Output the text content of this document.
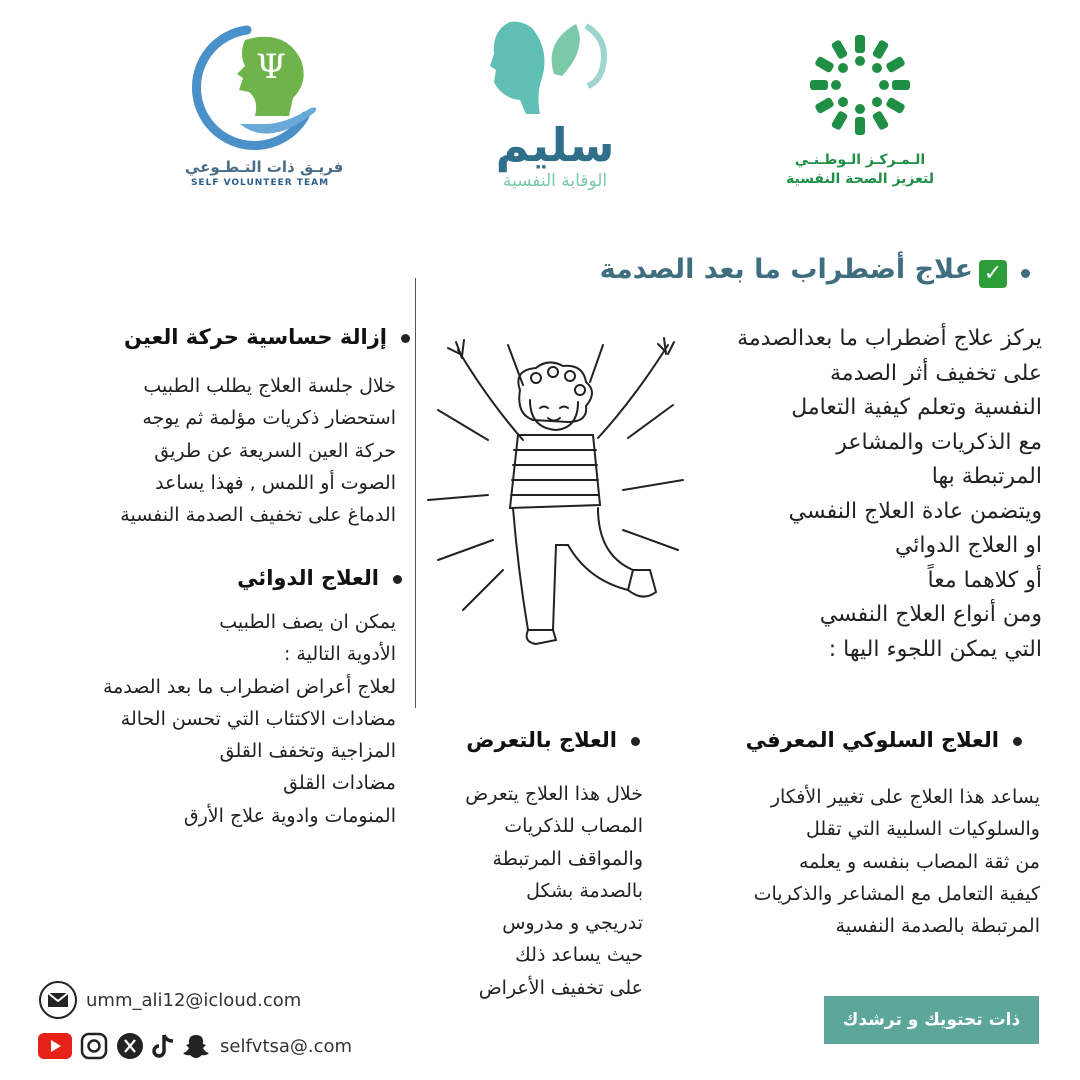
Ψ
فريـق ذات التـطـوعي
SELF VOLUNTEER TEAM
سليم
الوقاية النفسية
الـمـركـز الـوطـنـي
لتعزيز الصحة النفسية
✓علاج أضطراب ما بعد الصدمة
يركز علاج أضطراب ما بعدالصدمة
على تخفيف أثر الصدمة
النفسية وتعلم كيفية التعامل
مع الذكريات والمشاعر
المرتبطة بها
ويتضمن عادة العلاج النفسي
او العلاج الدوائي
أو كلاهما معاً
ومن أنواع العلاج النفسي
التي يمكن اللجوء اليها :
إزالة حساسية حركة العين
خلال جلسة العلاج يطلب الطبيب
استحضار ذكريات مؤلمة ثم يوجه
حركة العين السريعة عن طريق
الصوت أو اللمس , فهذا يساعد
الدماغ على تخفيف الصدمة النفسية
العلاج الدوائي
يمكن ان يصف الطبيب
الأدوية التالية :
لعلاج أعراض اضطراب ما بعد الصدمة
مضادات الاكتئاب التي تحسن الحالة
المزاجية وتخفف القلق
مضادات القلق
المنومات وادوية علاج الأرق
العلاج بالتعرض
خلال هذا العلاج يتعرض
المصاب للذكريات
والمواقف المرتبطة
بالصدمة بشكل
تدريجي و مدروس
حيث يساعد ذلك
على تخفيف الأعراض
العلاج السلوكي المعرفي
يساعد هذا العلاج على تغيير الأفكار
والسلوكيات السلبية التي تقلل
من ثقة المصاب بنفسه و يعلمه
كيفية التعامل مع المشاعر والذكريات
المرتبطة بالصدمة النفسية
umm_ali12@icloud.com
selfvtsa@.com
ذات تحتويك و ترشدك
